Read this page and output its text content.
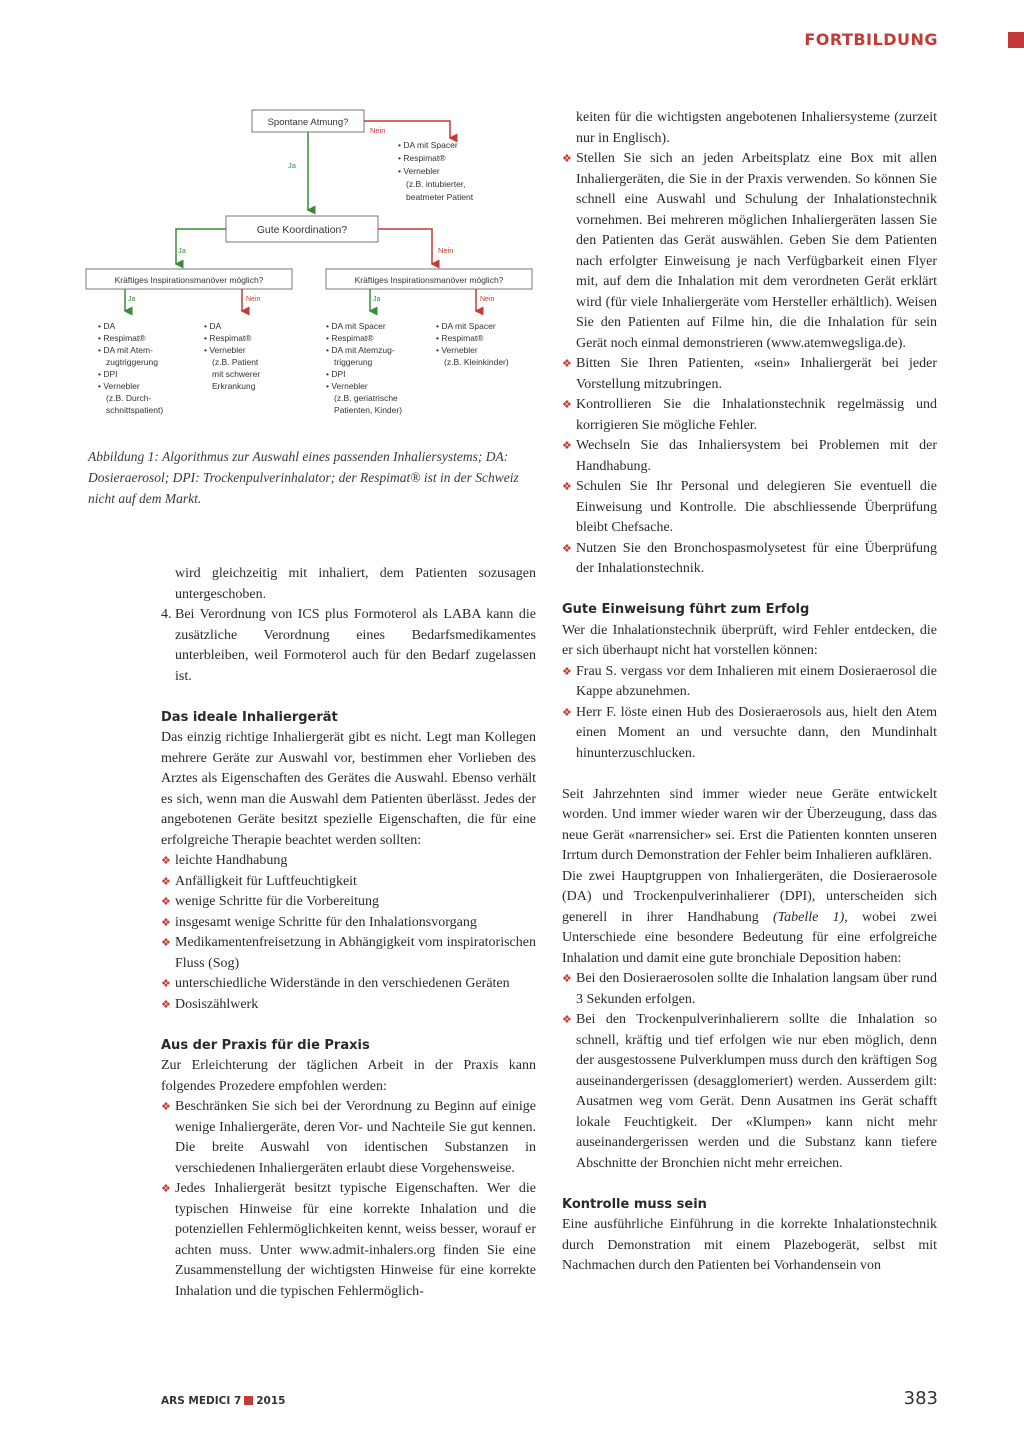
FORTBILDUNG
Spontane Atmung?
Nein
Ja
• DA mit Spacer
• Respimat®
• Vernebler
(z.B. intubierter,
beatmeter Patient
Gute Koordination?
Ja	Nein
Kräftiges Inspirationsmanöver möglich?	Kräftiges Inspirationsmanöver möglich?
Ja	Nein	Ja	Nein
• DA
• Respimat®
• DA mit Atem-
zugtriggerung
• DPI
• Vernebler
(z.B. Durch-
schnittspatient)
• DA
• Respimat®
• Vernebler
(z.B. Patient
mit schwerer
Erkrankung
• DA mit Spacer
• Respimat®
• DA mit Atemzug-
triggerung
• DPI
• Vernebler
(z.B. geriatrische
Patienten, Kinder)
• DA mit Spacer
• Respimat®
• Vernebler
(z.B. Kleinkinder)
Abbildung 1: Algorithmus zur Auswahl eines passenden Inhaliersystems; DA: Dosieraerosol; DPI: Trockenpulverinhalator; der Respimat® ist in der Schweiz nicht auf dem Markt.

wird gleichzeitig mit inhaliert, dem Patienten sozusagen untergeschoben.

4. Bei Verordnung von ICS plus Formoterol als LABA kann die zusätzliche Verordnung eines Bedarfsmedikamentes unterbleiben, weil Formoterol auch für den Bedarf zugelassen ist.
Das ideale Inhaliergerät

Das einzig richtige Inhaliergerät gibt es nicht. Legt man Kollegen mehrere Geräte zur Auswahl vor, bestimmen eher Vorlieben des Arztes als Eigenschaften des Gerätes die Auswahl. Ebenso verhält es sich, wenn man die Auswahl dem Patienten überlässt. Jedes der angebotenen Geräte besitzt spezielle Eigenschaften, die für eine erfolgreiche Therapie beachtet werden sollten:

❖ leichte Handhabung
❖ Anfälligkeit für Luftfeuchtigkeit
❖ wenige Schritte für die Vorbereitung
❖ insgesamt wenige Schritte für den Inhalationsvorgang
❖ Medikamentenfreisetzung in Abhängigkeit vom inspiratorischen Fluss (Sog)
❖ unterschiedliche Widerstände in den verschiedenen Geräten
❖ Dosiszählwerk
Aus der Praxis für die Praxis

Zur Erleichterung der täglichen Arbeit in der Praxis kann folgendes Prozedere empfohlen werden:

❖ Beschränken Sie sich bei der Verordnung zu Beginn auf einige wenige Inhaliergeräte, deren Vor- und Nachteile Sie gut kennen. Die breite Auswahl von identischen Substanzen in verschiedenen Inhaliergeräten erlaubt diese Vorgehensweise.
❖ Jedes Inhaliergerät besitzt typische Eigenschaften. Wer die typischen Hinweise für eine korrekte Inhalation und die potenziellen Fehlermöglichkeiten kennt, weiss besser, worauf er achten muss. Unter www.admit-inhalers.org finden Sie eine Zusammenstellung der wichtigsten Hinweise für eine korrekte Inhalation und die typischen Fehlermöglich-

keiten für die wichtigsten angebotenen Inhaliersysteme (zurzeit nur in Englisch).

❖ Stellen Sie sich an jeden Arbeitsplatz eine Box mit allen Inhaliergeräten, die Sie in der Praxis verwenden. So können Sie schnell eine Auswahl und Schulung der Inhalationstechnik vornehmen. Bei mehreren möglichen Inhaliergeräten lassen Sie den Patienten das Gerät auswählen. Geben Sie dem Patienten nach erfolgter Einweisung je nach Verfügbarkeit einen Flyer mit, auf dem die Inhalation mit dem verordneten Gerät erklärt wird (für viele Inhaliergeräte vom Hersteller erhältlich). Weisen Sie den Patienten auf Filme hin, die die Inhalation für sein Gerät noch einmal demonstrieren (www.atemwegsliga.de).
❖ Bitten Sie Ihren Patienten, «sein» Inhaliergerät bei jeder Vorstellung mitzubringen.
❖ Kontrollieren Sie die Inhalationstechnik regelmässig und korrigieren Sie mögliche Fehler.
❖ Wechseln Sie das Inhaliersystem bei Problemen mit der Handhabung.
❖ Schulen Sie Ihr Personal und delegieren Sie eventuell die Einweisung und Kontrolle. Die abschliessende Überprüfung bleibt Chefsache.
❖ Nutzen Sie den Bronchospasmolysetest für eine Überprüfung der Inhalationstechnik.
Gute Einweisung führt zum Erfolg

Wer die Inhalationstechnik überprüft, wird Fehler entdecken, die er sich überhaupt nicht hat vorstellen können:

❖ Frau S. vergass vor dem Inhalieren mit einem Dosieraerosol die Kappe abzunehmen.
❖ Herr F. löste einen Hub des Dosieraerosols aus, hielt den Atem einen Moment an und versuchte dann, den Mundinhalt hinunterzuschlucken.

Seit Jahrzehnten sind immer wieder neue Geräte entwickelt worden. Und immer wieder waren wir der Überzeugung, dass das neue Gerät «narrensicher» sei. Erst die Patienten konnten unseren Irrtum durch Demonstration der Fehler beim Inhalieren aufklären.

Die zwei Hauptgruppen von Inhaliergeräten, die Dosieraerosole (DA) und Trockenpulverinhalierer (DPI), unterscheiden sich generell in ihrer Handhabung (Tabelle 1), wobei zwei Unterschiede eine besondere Bedeutung für eine erfolgreiche Inhalation und damit eine gute bronchiale Deposition haben:

❖ Bei den Dosieraerosolen sollte die Inhalation langsam über rund 3 Sekunden erfolgen.
❖ Bei den Trockenpulverinhalierern sollte die Inhalation so schnell, kräftig und tief erfolgen wie nur eben möglich, denn der ausgestossene Pulverklumpen muss durch den kräftigen Sog auseinandergerissen (desagglomeriert) werden. Ausserdem gilt: Ausatmen weg vom Gerät. Denn Ausatmen ins Gerät schafft lokale Feuchtigkeit. Der «Klumpen» kann nicht mehr auseinandergerissen werden und die Substanz kann tiefere Abschnitte der Bronchien nicht mehr erreichen.
Kontrolle muss sein

Eine ausführliche Einführung in die korrekte Inhalationstechnik durch Demonstration mit einem Plazebogerät, selbst mit Nachmachen durch den Patienten bei Vorhandensein von

ARS MEDICI 7 2015	383
